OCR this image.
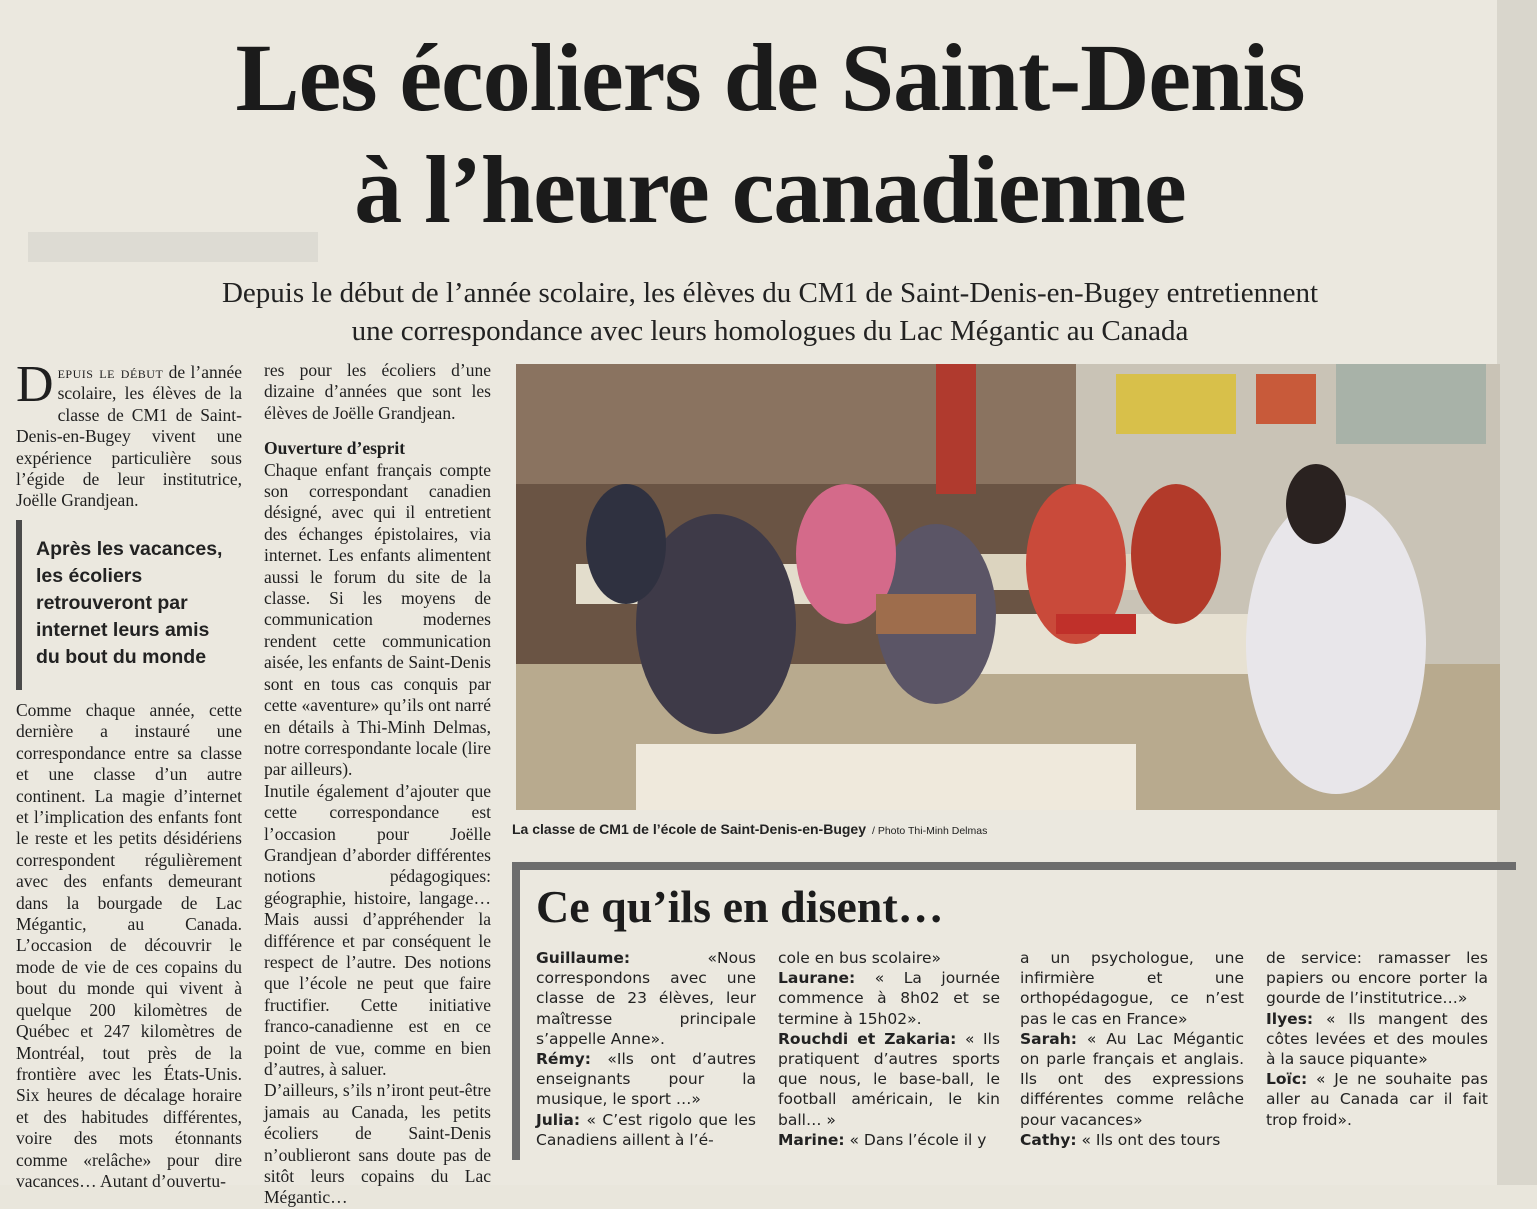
Les écoliers de Saint-Denis
à l’heure canadienne
Depuis le début de l’année scolaire, les élèves du CM1 de Saint-Denis-en-Bugey entretiennent
une correspondance avec leurs homologues du Lac Mégantic au Canada
Depuis le début de l’année scolaire, les élèves de la classe de CM1 de Saint-Denis-en-Bugey vivent une expérience particulière sous l’égide de leur institutrice, Joëlle Grandjean.
Après les vacances, les écoliers retrouveront par internet leurs amis du bout du monde
Comme chaque année, cette dernière a instauré une correspondance entre sa classe et une classe d’un autre continent. La magie d’internet et l’implication des enfants font le reste et les petits désidériens correspondent régulièrement avec des enfants demeurant dans la bourgade de Lac Mégantic, au Canada. L’occasion de découvrir le mode de vie de ces copains du bout du monde qui vivent à quelque 200 kilomètres de Québec et 247 kilomètres de Montréal, tout près de la frontière avec les États-Unis. Six heures de décalage horaire et des habitudes différentes, voire des mots étonnants comme «relâche» pour dire vacances… Autant d’ouvertu-
res pour les écoliers d’une dizaine d’années que sont les élèves de Joëlle Grandjean.
Ouverture d’esprit
Chaque enfant français compte son correspondant canadien désigné, avec qui il entretient des échanges épistolaires, via internet. Les enfants alimentent aussi le forum du site de la classe. Si les moyens de communication modernes rendent cette communication aisée, les enfants de Saint-Denis sont en tous cas conquis par cette «aventure» qu’ils ont narré en détails à Thi-Minh Delmas, notre correspondante locale (lire par ailleurs).
Inutile également d’ajouter que cette correspondance est l’occasion pour Joëlle Grandjean d’aborder différentes notions pédagogiques: géographie, histoire, langage… Mais aussi d’appréhender la différence et par conséquent le respect de l’autre. Des notions que l’école ne peut que faire fructifier. Cette initiative franco-canadienne est en ce point de vue, comme en bien d’autres, à saluer.
D’ailleurs, s’ils n’iront peut-être jamais au Canada, les petits écoliers de Saint-Denis n’oublieront sans doute pas de sitôt leurs copains du Lac Mégantic…
La classe de CM1 de l’école de Saint-Denis-en-Bugey / Photo Thi-Minh Delmas
Ce qu’ils en disent…
Guillaume: «Nous correspondons avec une classe de 23 élèves, leur maîtresse principale s’appelle Anne».
Rémy: «Ils ont d’autres enseignants pour la musique, le sport …»
Julia: « C’est rigolo que les Canadiens aillent à l’é-
cole en bus scolaire»
Laurane: « La journée commence à 8h02 et se termine à 15h02».
Rouchdi et Zakaria: « Ils pratiquent d’autres sports que nous, le base-ball, le football américain, le kin ball… »
Marine: « Dans l’école il y
a un psychologue, une infirmière et une orthopédagogue, ce n’est pas le cas en France»
Sarah: « Au Lac Mégantic on parle français et anglais. Ils ont des expressions différentes comme relâche pour vacances»
Cathy: « Ils ont des tours
de service: ramasser les papiers ou encore porter la gourde de l’institutrice…»
Ilyes: « Ils mangent des côtes levées et des moules à la sauce piquante»
Loïc: « Je ne souhaite pas aller au Canada car il fait trop froid».
